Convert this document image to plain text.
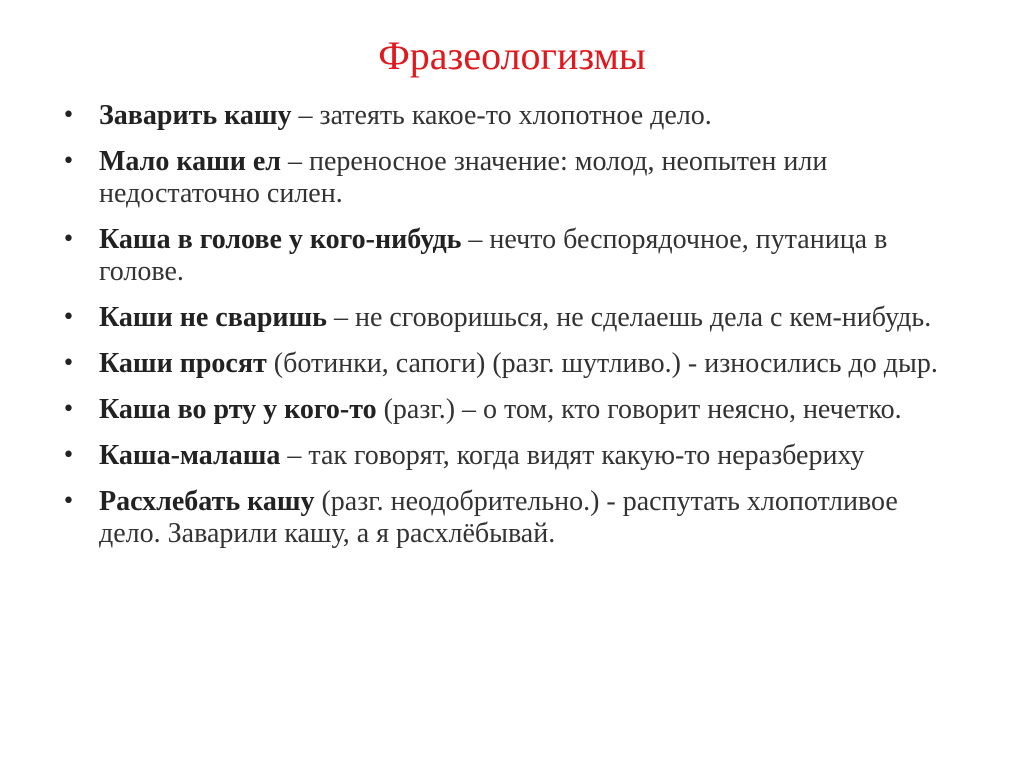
Фразеологизмы
• Заварить кашу – затеять какое-то хлопотное дело.
• Мало каши ел – переносное значение: молод, неопытен или недостаточно силен.
• Каша в голове у кого-нибудь – нечто беспорядочное, путаница в голове.
• Каши не сваришь – не сговоришься, не сделаешь дела с кем-нибудь.
• Каши просят (ботинки, сапоги) (разг. шутливо.) - износились до дыр.
• Каша во рту у кого-то (разг.) – о том, кто говорит неясно, нечетко.
• Каша-малаша – так говорят, когда видят какую-то неразбериху
• Расхлебать кашу (разг. неодобрительно.) - распутать хлопотливое дело. Заварили кашу, а я расхлёбывай.
